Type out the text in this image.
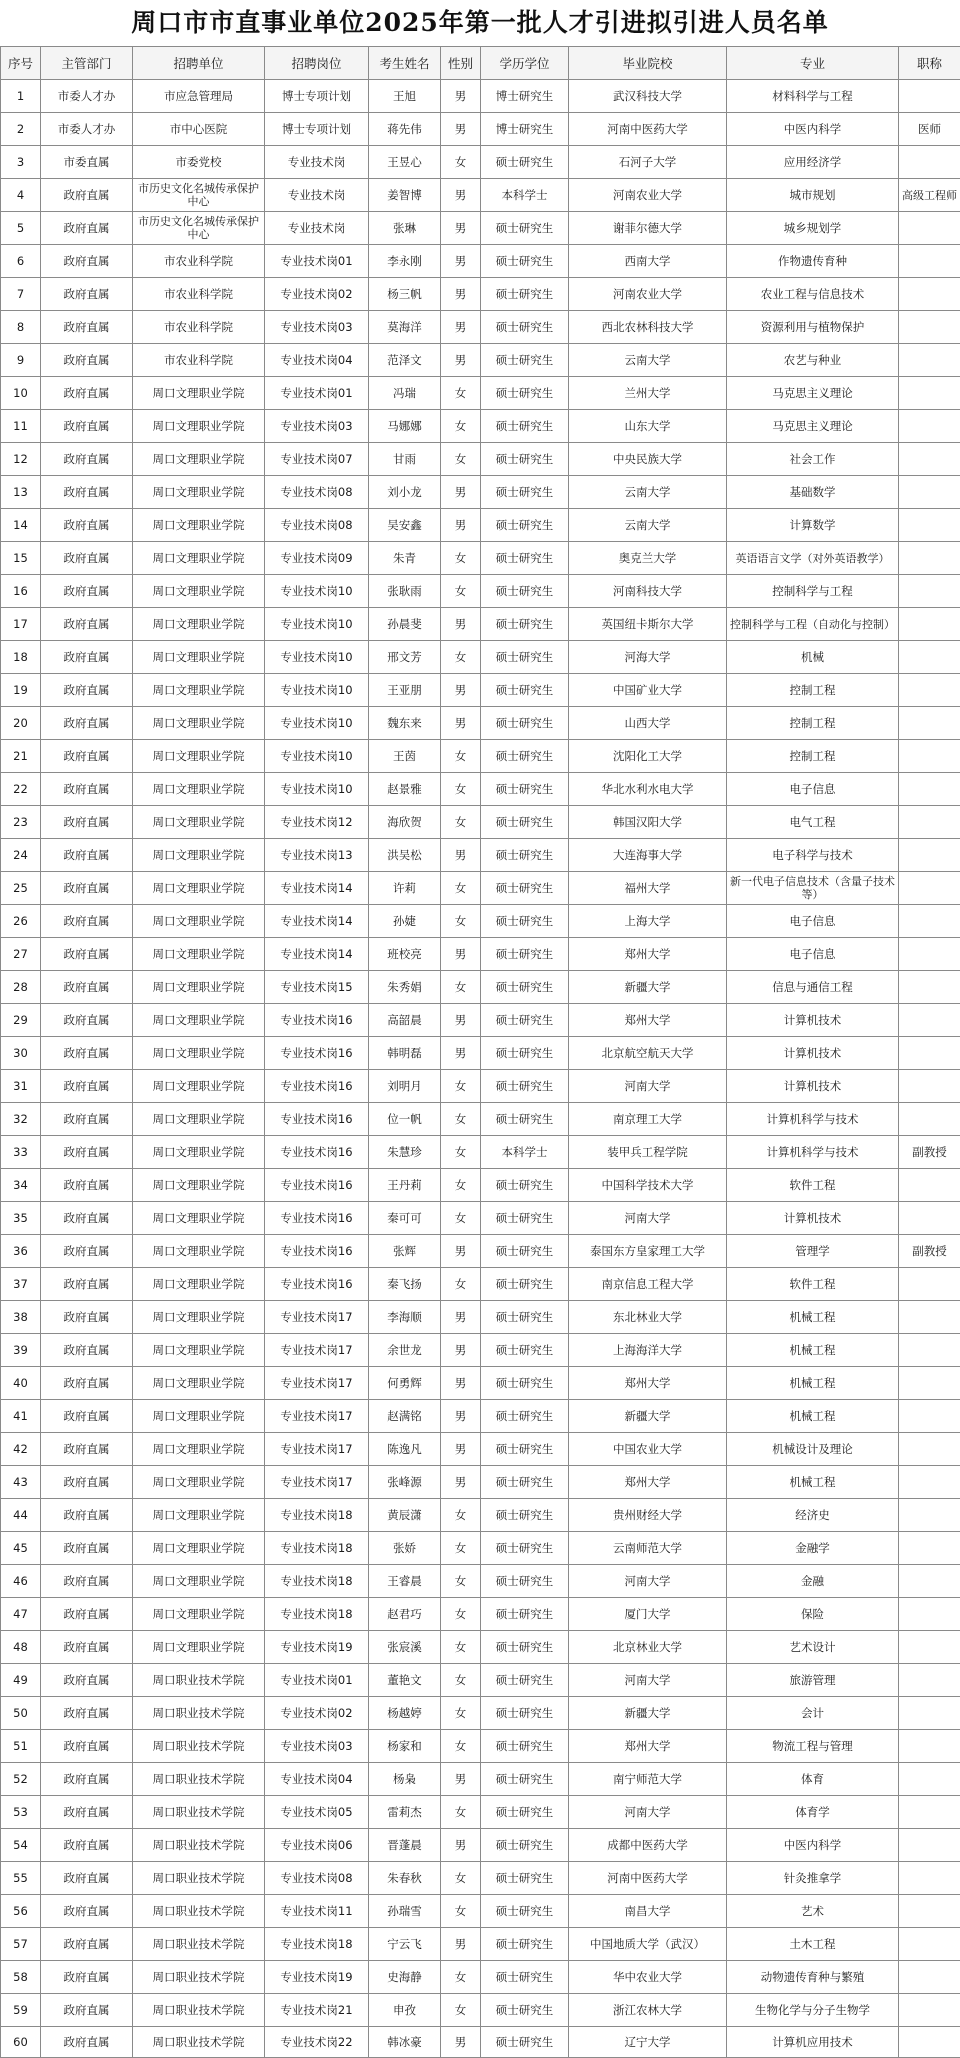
周口市市直事业单位2025年第一批人才引进拟引进人员名单
序号	主管部门	招聘单位	招聘岗位	考生姓名	性别	学历学位	毕业院校	专业	职称
1	市委人才办	市应急管理局	博士专项计划	王旭	男	博士研究生	武汉科技大学	材料科学与工程	
2	市委人才办	市中心医院	博士专项计划	蒋先伟	男	博士研究生	河南中医药大学	中医内科学	医师
3	市委直属	市委党校	专业技术岗	王昱心	女	硕士研究生	石河子大学	应用经济学	
4	政府直属	市历史文化名城传承保护中心	专业技术岗	姜智博	男	本科学士	河南农业大学	城市规划	高级工程师
5	政府直属	市历史文化名城传承保护中心	专业技术岗	张琳	男	硕士研究生	谢菲尔德大学	城乡规划学	
6	政府直属	市农业科学院	专业技术岗01	李永刚	男	硕士研究生	西南大学	作物遗传育种	
7	政府直属	市农业科学院	专业技术岗02	杨三帆	男	硕士研究生	河南农业大学	农业工程与信息技术	
8	政府直属	市农业科学院	专业技术岗03	莫海洋	男	硕士研究生	西北农林科技大学	资源利用与植物保护	
9	政府直属	市农业科学院	专业技术岗04	范泽文	男	硕士研究生	云南大学	农艺与种业	
10	政府直属	周口文理职业学院	专业技术岗01	冯瑞	女	硕士研究生	兰州大学	马克思主义理论	
11	政府直属	周口文理职业学院	专业技术岗03	马娜娜	女	硕士研究生	山东大学	马克思主义理论	
12	政府直属	周口文理职业学院	专业技术岗07	甘雨	女	硕士研究生	中央民族大学	社会工作	
13	政府直属	周口文理职业学院	专业技术岗08	刘小龙	男	硕士研究生	云南大学	基础数学	
14	政府直属	周口文理职业学院	专业技术岗08	吴安鑫	男	硕士研究生	云南大学	计算数学	
15	政府直属	周口文理职业学院	专业技术岗09	朱青	女	硕士研究生	奥克兰大学	英语语言文学（对外英语教学）	
16	政府直属	周口文理职业学院	专业技术岗10	张耿雨	女	硕士研究生	河南科技大学	控制科学与工程	
17	政府直属	周口文理职业学院	专业技术岗10	孙晨斐	男	硕士研究生	英国纽卡斯尔大学	控制科学与工程（自动化与控制）	
18	政府直属	周口文理职业学院	专业技术岗10	邢文芳	女	硕士研究生	河海大学	机械	
19	政府直属	周口文理职业学院	专业技术岗10	王亚朋	男	硕士研究生	中国矿业大学	控制工程	
20	政府直属	周口文理职业学院	专业技术岗10	魏东来	男	硕士研究生	山西大学	控制工程	
21	政府直属	周口文理职业学院	专业技术岗10	王茵	女	硕士研究生	沈阳化工大学	控制工程	
22	政府直属	周口文理职业学院	专业技术岗10	赵景雅	女	硕士研究生	华北水利水电大学	电子信息	
23	政府直属	周口文理职业学院	专业技术岗12	海欣贺	女	硕士研究生	韩国汉阳大学	电气工程	
24	政府直属	周口文理职业学院	专业技术岗13	洪吴松	男	硕士研究生	大连海事大学	电子科学与技术	
25	政府直属	周口文理职业学院	专业技术岗14	许莉	女	硕士研究生	福州大学	新一代电子信息技术（含量子技术等）	
26	政府直属	周口文理职业学院	专业技术岗14	孙婕	女	硕士研究生	上海大学	电子信息	
27	政府直属	周口文理职业学院	专业技术岗14	班校亮	男	硕士研究生	郑州大学	电子信息	
28	政府直属	周口文理职业学院	专业技术岗15	朱秀娟	女	硕士研究生	新疆大学	信息与通信工程	
29	政府直属	周口文理职业学院	专业技术岗16	高韶晨	男	硕士研究生	郑州大学	计算机技术	
30	政府直属	周口文理职业学院	专业技术岗16	韩明磊	男	硕士研究生	北京航空航天大学	计算机技术	
31	政府直属	周口文理职业学院	专业技术岗16	刘明月	女	硕士研究生	河南大学	计算机技术	
32	政府直属	周口文理职业学院	专业技术岗16	位一帆	女	硕士研究生	南京理工大学	计算机科学与技术	
33	政府直属	周口文理职业学院	专业技术岗16	朱慧珍	女	本科学士	装甲兵工程学院	计算机科学与技术	副教授
34	政府直属	周口文理职业学院	专业技术岗16	王丹莉	女	硕士研究生	中国科学技术大学	软件工程	
35	政府直属	周口文理职业学院	专业技术岗16	秦可可	女	硕士研究生	河南大学	计算机技术	
36	政府直属	周口文理职业学院	专业技术岗16	张辉	男	硕士研究生	泰国东方皇家理工大学	管理学	副教授
37	政府直属	周口文理职业学院	专业技术岗16	秦飞扬	女	硕士研究生	南京信息工程大学	软件工程	
38	政府直属	周口文理职业学院	专业技术岗17	李海顺	男	硕士研究生	东北林业大学	机械工程	
39	政府直属	周口文理职业学院	专业技术岗17	余世龙	男	硕士研究生	上海海洋大学	机械工程	
40	政府直属	周口文理职业学院	专业技术岗17	何勇辉	男	硕士研究生	郑州大学	机械工程	
41	政府直属	周口文理职业学院	专业技术岗17	赵满铭	男	硕士研究生	新疆大学	机械工程	
42	政府直属	周口文理职业学院	专业技术岗17	陈逸凡	男	硕士研究生	中国农业大学	机械设计及理论	
43	政府直属	周口文理职业学院	专业技术岗17	张峰源	男	硕士研究生	郑州大学	机械工程	
44	政府直属	周口文理职业学院	专业技术岗18	黄辰潇	女	硕士研究生	贵州财经大学	经济史	
45	政府直属	周口文理职业学院	专业技术岗18	张娇	女	硕士研究生	云南师范大学	金融学	
46	政府直属	周口文理职业学院	专业技术岗18	王睿晨	女	硕士研究生	河南大学	金融	
47	政府直属	周口文理职业学院	专业技术岗18	赵君巧	女	硕士研究生	厦门大学	保险	
48	政府直属	周口文理职业学院	专业技术岗19	张宸溪	女	硕士研究生	北京林业大学	艺术设计	
49	政府直属	周口职业技术学院	专业技术岗01	董艳文	女	硕士研究生	河南大学	旅游管理	
50	政府直属	周口职业技术学院	专业技术岗02	杨越婷	女	硕士研究生	新疆大学	会计	
51	政府直属	周口职业技术学院	专业技术岗03	杨家和	女	硕士研究生	郑州大学	物流工程与管理	
52	政府直属	周口职业技术学院	专业技术岗04	杨枭	男	硕士研究生	南宁师范大学	体育	
53	政府直属	周口职业技术学院	专业技术岗05	雷莉杰	女	硕士研究生	河南大学	体育学	
54	政府直属	周口职业技术学院	专业技术岗06	晋蓬晨	男	硕士研究生	成都中医药大学	中医内科学	
55	政府直属	周口职业技术学院	专业技术岗08	朱春秋	女	硕士研究生	河南中医药大学	针灸推拿学	
56	政府直属	周口职业技术学院	专业技术岗11	孙瑞雪	女	硕士研究生	南昌大学	艺术	
57	政府直属	周口职业技术学院	专业技术岗18	宁云飞	男	硕士研究生	中国地质大学（武汉）	土木工程	
58	政府直属	周口职业技术学院	专业技术岗19	史海静	女	硕士研究生	华中农业大学	动物遗传育种与繁殖	
59	政府直属	周口职业技术学院	专业技术岗21	申孜	女	硕士研究生	浙江农林大学	生物化学与分子生物学	
60	政府直属	周口职业技术学院	专业技术岗22	韩冰豪	男	硕士研究生	辽宁大学	计算机应用技术	
